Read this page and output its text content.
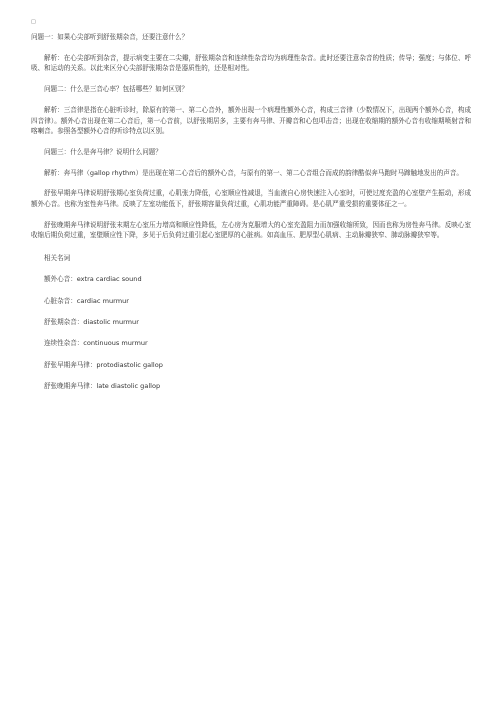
□

问题一：如果心尖部听到舒张期杂音，还要注意什么？

解析：在心尖部听到杂音，提示病变主要在二尖瓣，舒张期杂音和连续性杂音均为病理性杂音。此时还要注意杂音的性质；传导；强度；与体位、呼吸、和运动的关系。以此来区分心尖部舒张期杂音是器质性的，还是相对性。

问题二：什么是三音心率？包括哪些？如何区别？

解析：三音律是指在心脏听诊时，除原有的第一、第二心音外，额外出现一个病理性额外心音，构成三音律（少数情况下，出现两个额外心音，构成四音律）。额外心音出现在第二心音后，第一心音前，以舒张期居多，主要有奔马律、开瓣音和心包叩击音；出现在收缩期的额外心音有收缩期喷射音和喀喇音。参照各型额外心音的听诊特点以区别。

问题三：什么是奔马律？说明什么问题？

解析：奔马律（gallop rhythm）是出现在第二心音后的额外心音，与原有的第一、第二心音组合而成的韵律酷似奔马跑时马蹄触地发出的声音。

舒张早期奔马律说明舒张期心室负荷过重，心肌张力降低，心室顺应性减退，当血液自心房快速注入心室时，可使过度充盈的心室壁产生振动，形成额外心音。也称为室性奔马律。反映了左室功能低下，舒张期容量负荷过重，心肌功能严重障碍。是心肌严重受损的重要体征之一。

舒张晚期奔马律说明舒张末期左心室压力增高和顺应性降低，左心房为克服增大的心室充盈阻力而加强收缩所致，因而也称为房性奔马律。反映心室收缩后期负荷过重，室壁顺应性下降，多见于后负荷过重引起心室肥厚的心脏病。如高血压、肥厚型心肌病、主动脉瓣狭窄、肺动脉瓣狭窄等。

相关名词

额外心音：extra cardiac sound

心脏杂音：cardiac murmur

舒张期杂音：diastolic murmur

连续性杂音：continuous murmur

舒张早期奔马律：protodiastolic gallop

舒张晚期奔马律：late diastolic gallop
